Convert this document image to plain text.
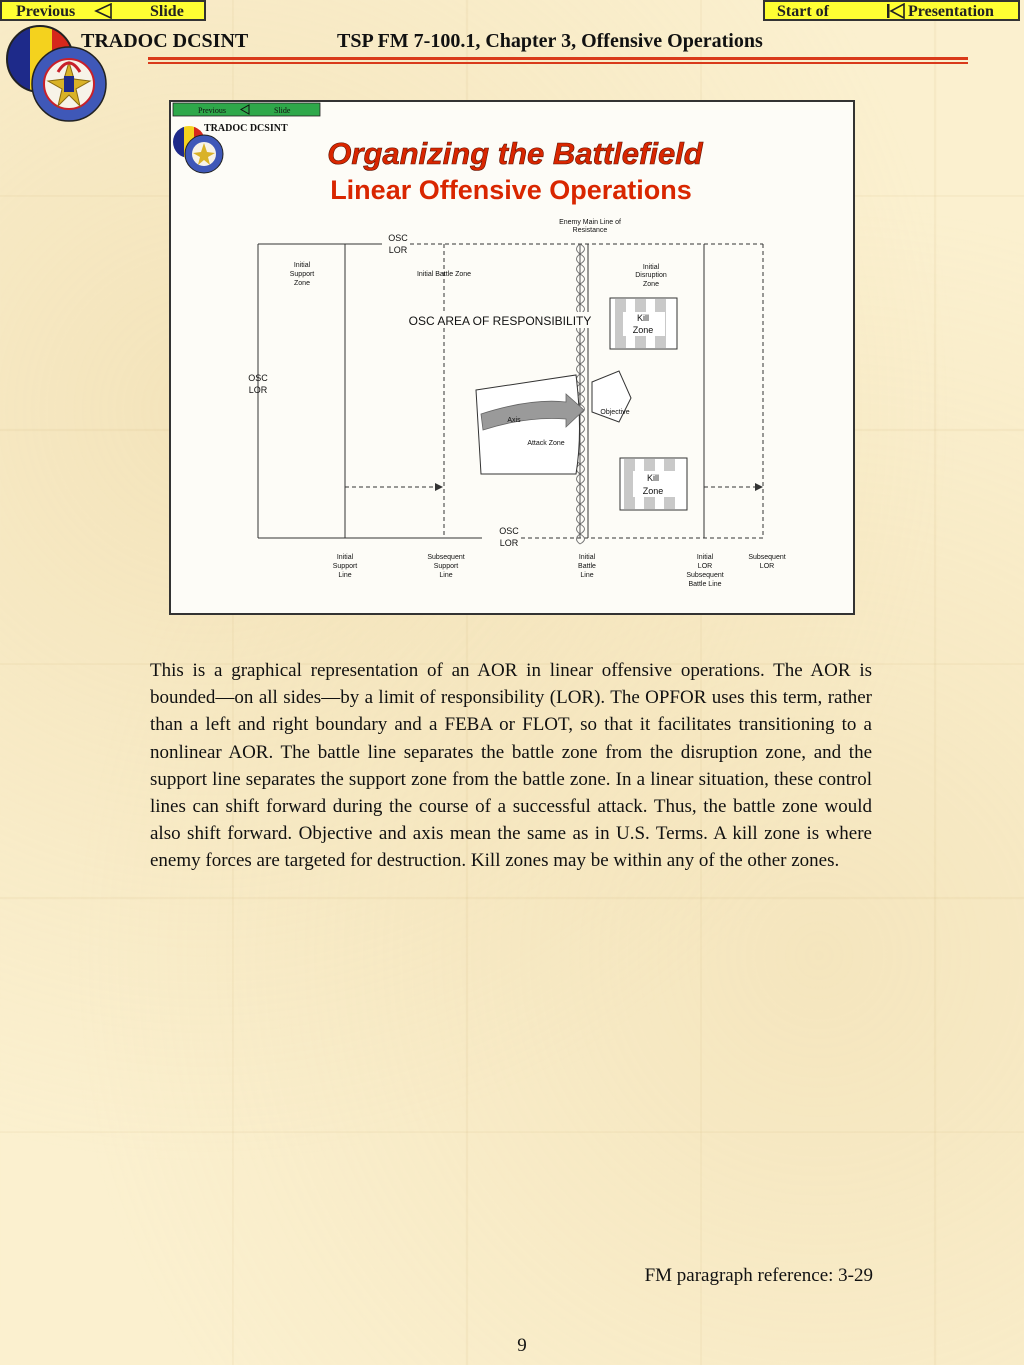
Previous	Slide	Start of	Presentation
TRADOC DCSINT	TSP FM 7-100.1, Chapter 3, Offensive Operations
Previous	Slide
TRADOC DCSINT
Organizing the Battlefield
Linear Offensive Operations
Kill
Zone
Kill
Zone
Enemy Main Line of
Resistance
Initial
Support
Zone
Initial Battle Zone
Initial
Disruption
Zone
Axis
Objective
Attack Zone
Initial
Support
Line
Subsequent
Support
Line
Initial
Battle
Line
Initial
LOR
Subsequent
Battle Line
Subsequent
LOR
OSC
LOR
OSC
LOR
OSC
LOR
OSC AREA OF RESPONSIBILITY

This is a graphical representation of an AOR in linear offensive operations. The AOR is bounded—on all sides—by a limit of responsibility (LOR). The OPFOR uses this term, rather than a left and right boundary and a FEBA or FLOT, so that it facilitates transitioning to a nonlinear AOR. The battle line separates the battle zone from the disruption zone, and the support line separates the support zone from the battle zone. In a linear situation, these control lines can shift forward during the course of a successful attack. Thus, the battle zone would also shift forward. Objective and axis mean the same as in U.S. Terms. A kill zone is where enemy forces are targeted for destruction. Kill zones may be within any of the other zones.

FM paragraph reference: 3-29
9
